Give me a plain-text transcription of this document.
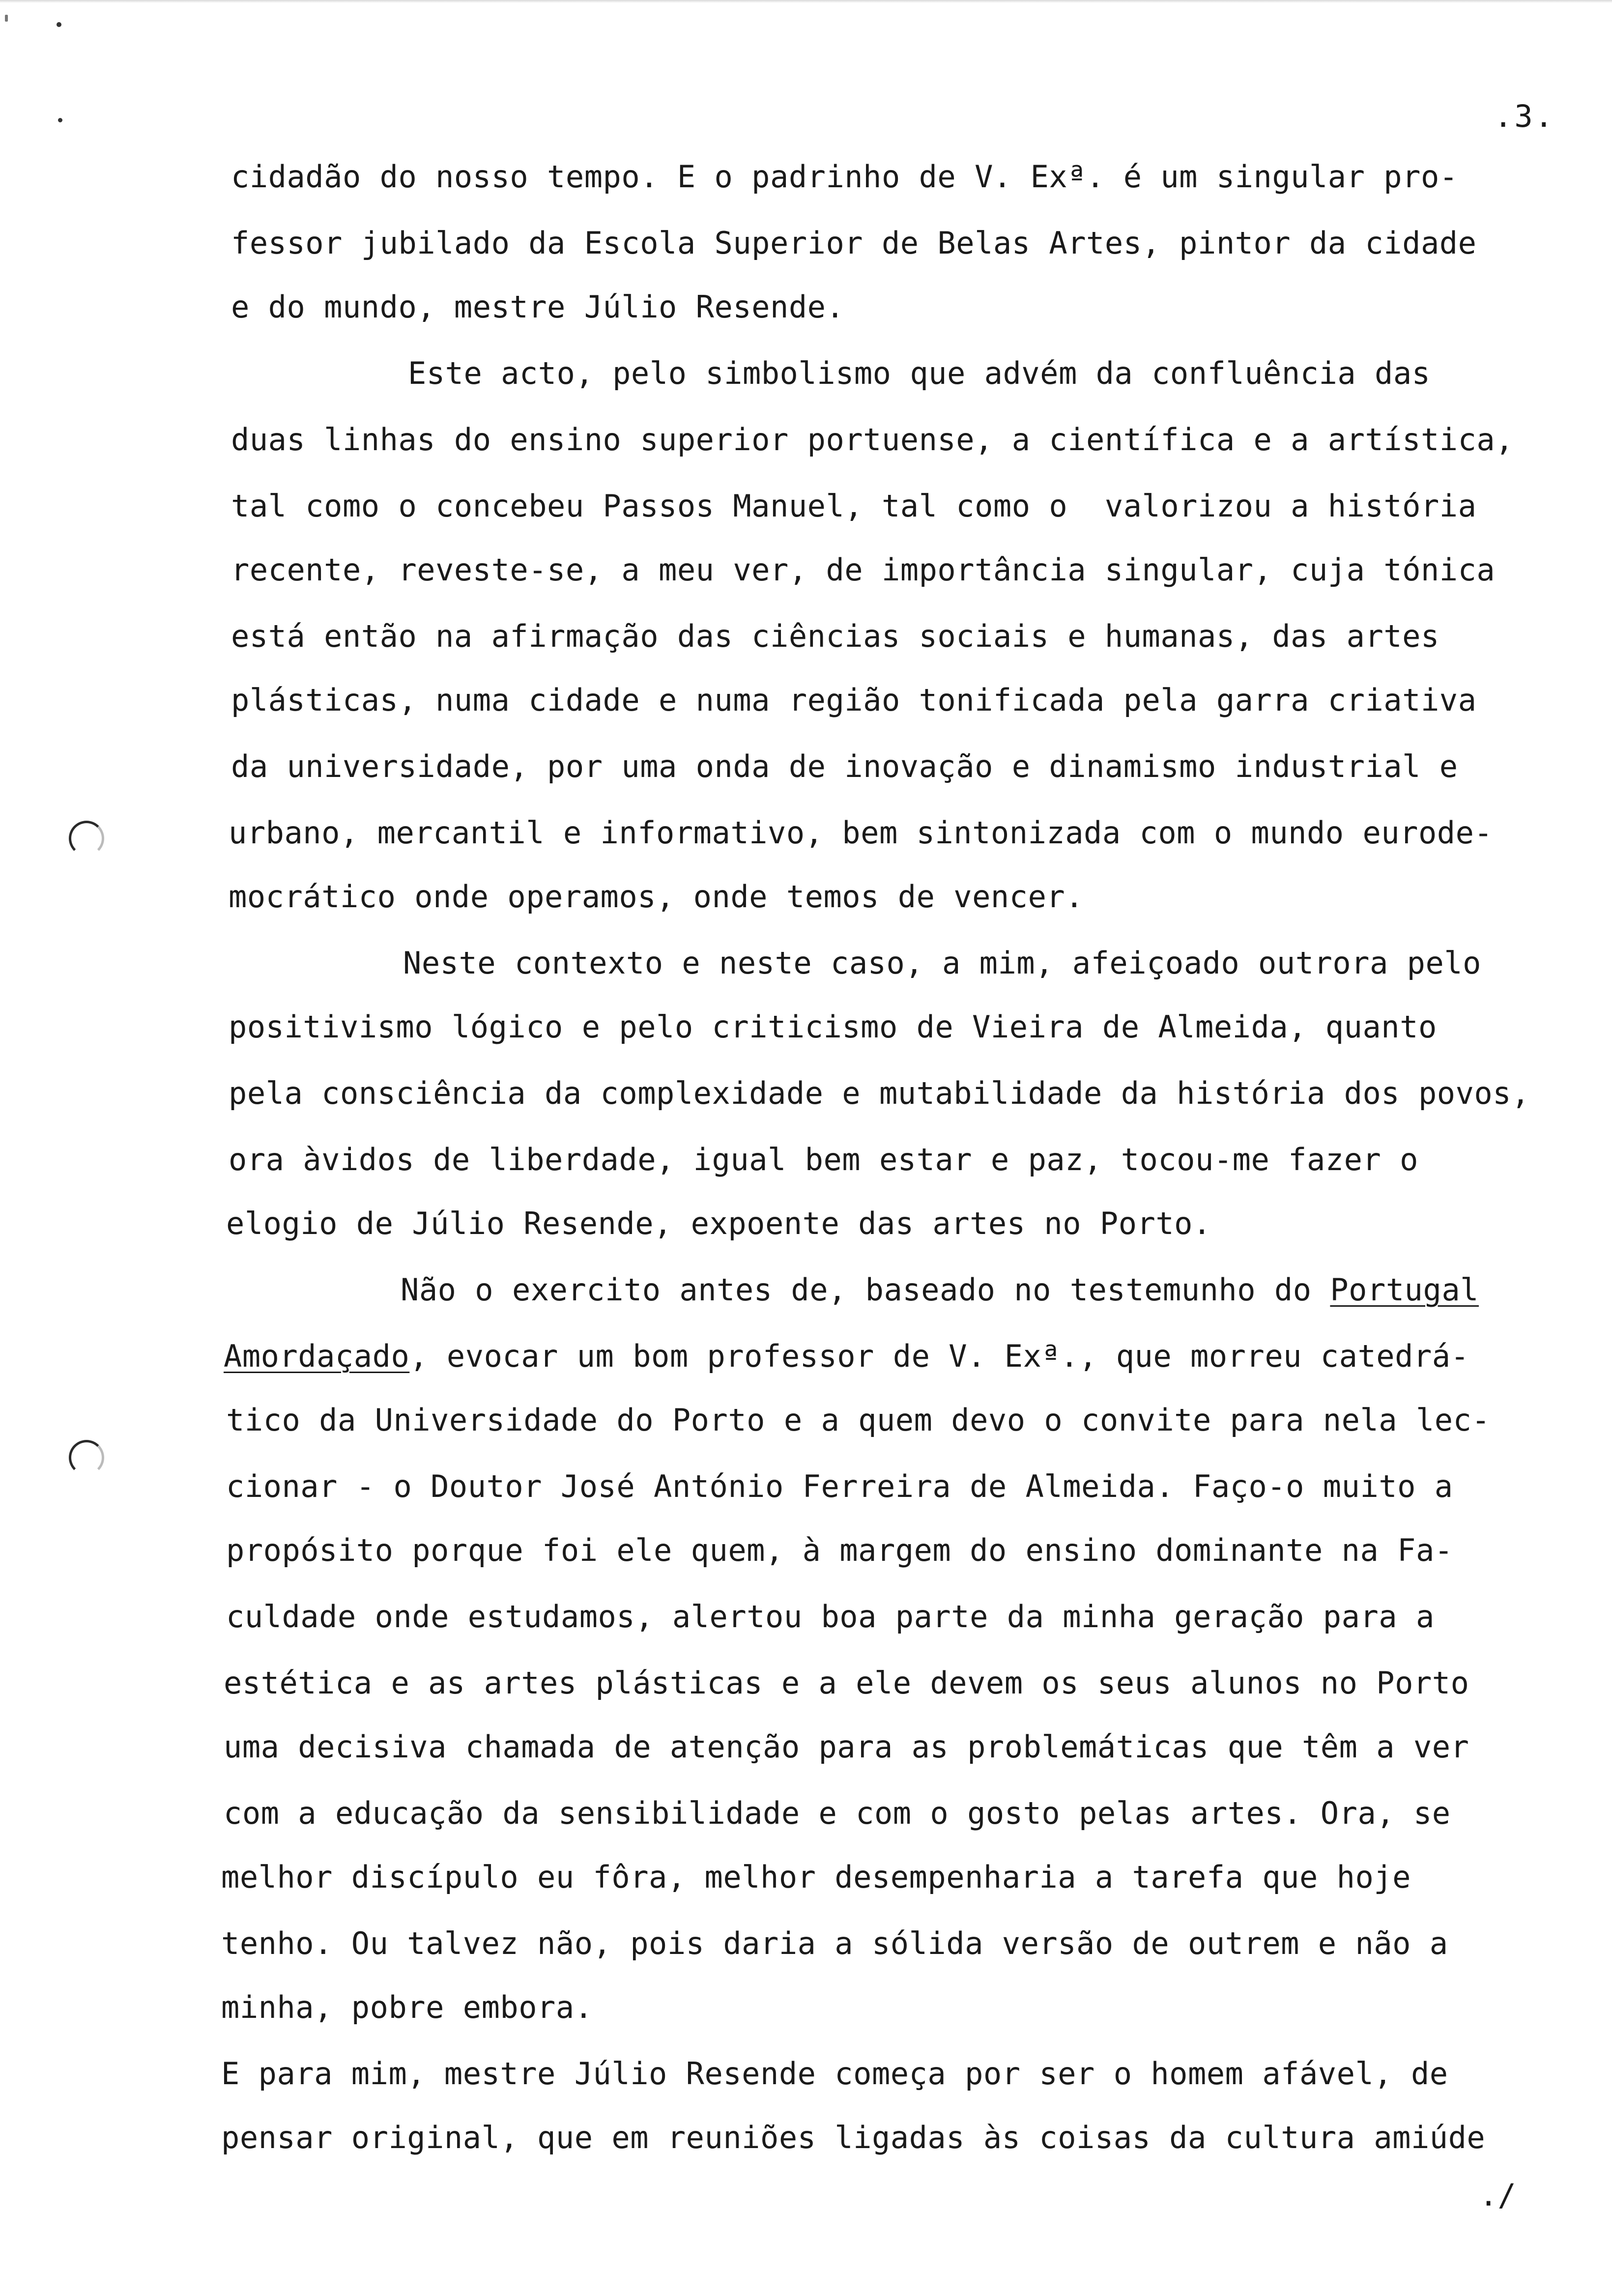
.3.
cidadão do nosso tempo. E o padrinho de V. Exª. é um singular pro-
fessor jubilado da Escola Superior de Belas Artes, pintor da cidade
e do mundo, mestre Júlio Resende.
Este acto, pelo simbolismo que advém da confluência das
duas linhas do ensino superior portuense, a científica e a artística,
tal como o concebeu Passos Manuel, tal como o  valorizou a história
recente, reveste-se, a meu ver, de importância singular, cuja tónica
está então na afirmação das ciências sociais e humanas, das artes
plásticas, numa cidade e numa região tonificada pela garra criativa
da universidade, por uma onda de inovação e dinamismo industrial e
urbano, mercantil e informativo, bem sintonizada com o mundo eurode-
mocrático onde operamos, onde temos de vencer.
Neste contexto e neste caso, a mim, afeiçoado outrora pelo
positivismo lógico e pelo criticismo de Vieira de Almeida, quanto
pela consciência da complexidade e mutabilidade da história dos povos,
ora àvidos de liberdade, igual bem estar e paz, tocou-me fazer o
elogio de Júlio Resende, expoente das artes no Porto.
Não o exercito antes de, baseado no testemunho do Portugal
Amordaçado, evocar um bom professor de V. Exª., que morreu catedrá-
tico da Universidade do Porto e a quem devo o convite para nela lec-
cionar - o Doutor José António Ferreira de Almeida. Faço-o muito a
propósito porque foi ele quem, à margem do ensino dominante na Fa-
culdade onde estudamos, alertou boa parte da minha geração para a
estética e as artes plásticas e a ele devem os seus alunos no Porto
uma decisiva chamada de atenção para as problemáticas que têm a ver
com a educação da sensibilidade e com o gosto pelas artes. Ora, se
melhor discípulo eu fôra, melhor desempenharia a tarefa que hoje
tenho. Ou talvez não, pois daria a sólida versão de outrem e não a
minha, pobre embora.
E para mim, mestre Júlio Resende começa por ser o homem afável, de
pensar original, que em reuniões ligadas às coisas da cultura amiúde
./
